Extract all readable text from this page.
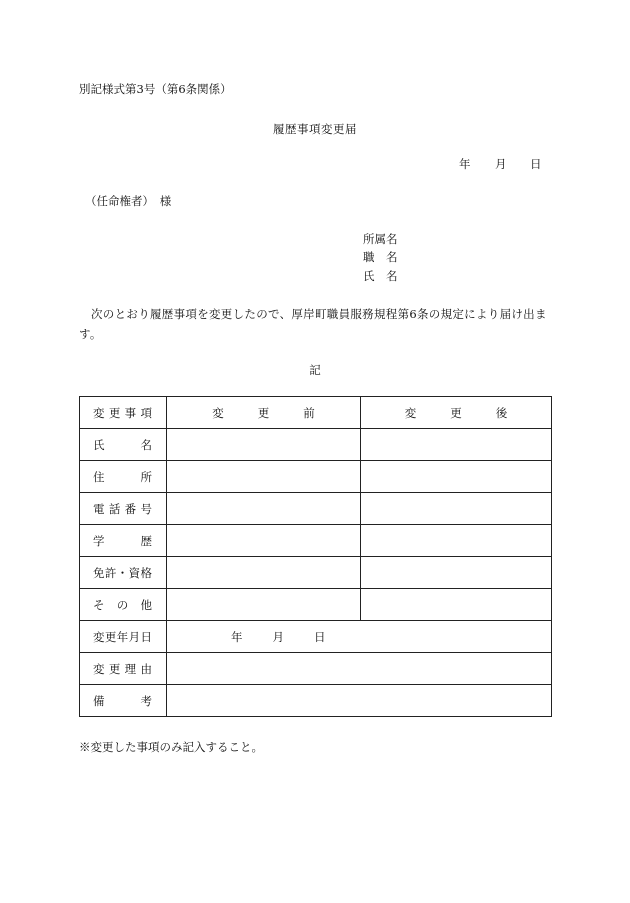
別記様式第3号（第6条関係）
履歴事項変更届
年 月 日
（任命権者）　様
所属名
職　名
氏　名
次のとおり履歴事項を変更したので、厚岸町職員服務規程第6条の規定により届け出ます。
記
変 更 事 項	変 更 前	変 更 後

氏 名		

住 所		

電 話 番 号		

学 歴		

免 許 ・ 資 格		

そ の 他		

変 更 年 月 日	年 月 日	

変 更 理 由		

備 考		

※変更した事項のみ記入すること。
